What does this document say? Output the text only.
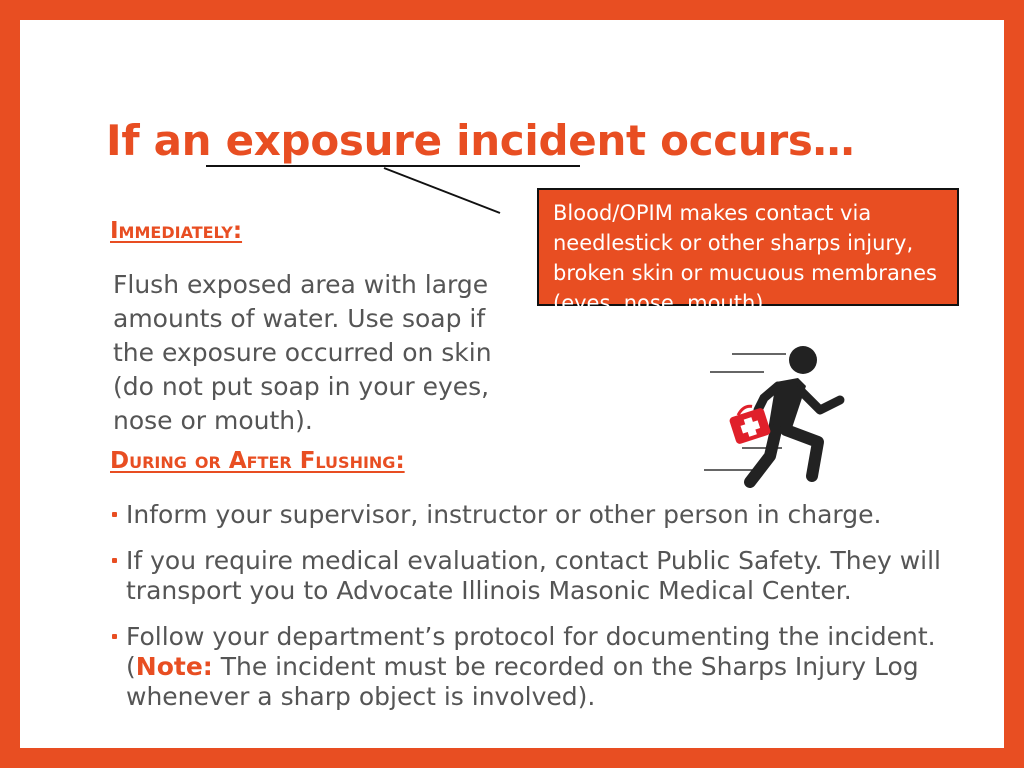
If an exposure incident occurs…
Blood/OPIM makes contact via needlestick or other sharps injury, broken skin or mucuous membranes (eyes, nose, mouth).
Immediately:

Flush exposed area with large amounts of water. Use soap if the exposure occurred on skin (do not put soap in your eyes, nose or mouth).

During or After Flushing:
Inform your supervisor, instructor or other person in charge.
If you require medical evaluation, contact Public Safety. They will transport you to Advocate Illinois Masonic Medical Center.
Follow your department’s protocol for documenting the incident. (Note: The incident must be recorded on the Sharps Injury Log whenever a sharp object is involved).
